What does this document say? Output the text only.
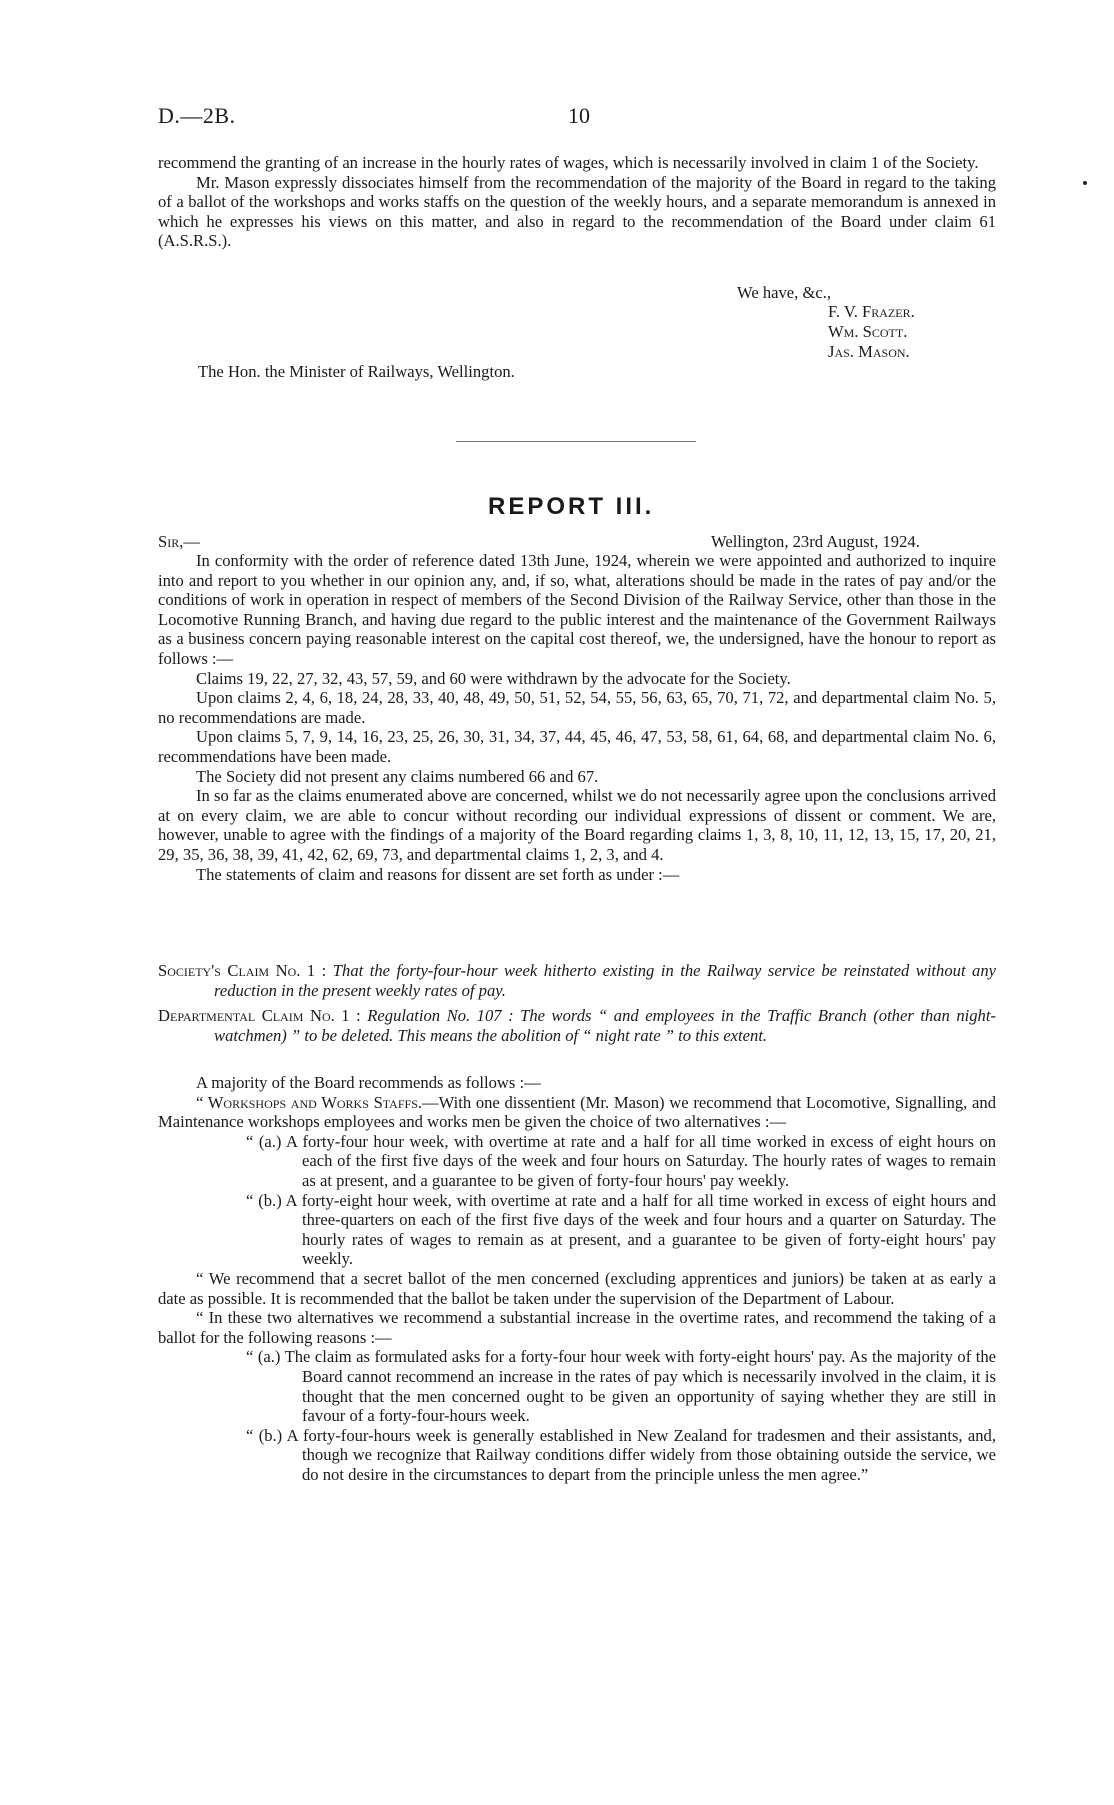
D.—2B.	10

recommend the granting of an increase in the hourly rates of wages, which is necessarily involved in claim 1 of the Society.

Mr. Mason expressly dissociates himself from the recommendation of the majority of the Board in regard to the taking of a ballot of the workshops and works staffs on the question of the weekly hours, and a separate memorandum is annexed in which he expresses his views on this matter, and also in regard to the recommendation of the Board under claim 61 (A.S.R.S.).

We have, &c.,
F. V. Frazer.
Wm. Scott.
Jas. Mason.
The Hon. the Minister of Railways, Wellington.
REPORT III.
Sir,—	Wellington, 23rd August, 1924.

In conformity with the order of reference dated 13th June, 1924, wherein we were appointed and authorized to inquire into and report to you whether in our opinion any, and, if so, what, alterations should be made in the rates of pay and/or the conditions of work in operation in respect of members of the Second Division of the Railway Service, other than those in the Locomotive Running Branch, and having due regard to the public interest and the maintenance of the Government Railways as a business concern paying reasonable interest on the capital cost thereof, we, the undersigned, have the honour to report as follows :—

Claims 19, 22, 27, 32, 43, 57, 59, and 60 were withdrawn by the advocate for the Society.

Upon claims 2, 4, 6, 18, 24, 28, 33, 40, 48, 49, 50, 51, 52, 54, 55, 56, 63, 65, 70, 71, 72, and departmental claim No. 5, no recommendations are made.

Upon claims 5, 7, 9, 14, 16, 23, 25, 26, 30, 31, 34, 37, 44, 45, 46, 47, 53, 58, 61, 64, 68, and departmental claim No. 6, recommendations have been made.

The Society did not present any claims numbered 66 and 67.

In so far as the claims enumerated above are concerned, whilst we do not necessarily agree upon the conclusions arrived at on every claim, we are able to concur without recording our individual expressions of dissent or comment. We are, however, unable to agree with the findings of a majority of the Board regarding claims 1, 3, 8, 10, 11, 12, 13, 15, 17, 20, 21, 29, 35, 36, 38, 39, 41, 42, 62, 69, 73, and departmental claims 1, 2, 3, and 4.

The statements of claim and reasons for dissent are set forth as under :—

Society's Claim No. 1 : That the forty-four-hour week hitherto existing in the Railway service be reinstated without any reduction in the present weekly rates of pay.

Departmental Claim No. 1 : Regulation No. 107 : The words “ and employees in the Traffic Branch (other than night-watchmen) ” to be deleted. This means the abolition of “ night rate ” to this extent.

A majority of the Board recommends as follows :—

“ Workshops and Works Staffs.—With one dissentient (Mr. Mason) we recommend that Locomotive, Signalling, and Maintenance workshops employees and works men be given the choice of two alternatives :—

“ (a.) A forty-four hour week, with overtime at rate and a half for all time worked in excess of eight hours on each of the first five days of the week and four hours on Saturday. The hourly rates of wages to remain as at present, and a guarantee to be given of forty-four hours' pay weekly.

“ (b.) A forty-eight hour week, with overtime at rate and a half for all time worked in excess of eight hours and three-quarters on each of the first five days of the week and four hours and a quarter on Saturday. The hourly rates of wages to remain as at present, and a guarantee to be given of forty-eight hours' pay weekly.

“ We recommend that a secret ballot of the men concerned (excluding apprentices and juniors) be taken at as early a date as possible. It is recommended that the ballot be taken under the supervision of the Department of Labour.

“ In these two alternatives we recommend a substantial increase in the overtime rates, and recommend the taking of a ballot for the following reasons :—

“ (a.) The claim as formulated asks for a forty-four hour week with forty-eight hours' pay. As the majority of the Board cannot recommend an increase in the rates of pay which is necessarily involved in the claim, it is thought that the men concerned ought to be given an opportunity of saying whether they are still in favour of a forty-four-hours week.

“ (b.) A forty-four-hours week is generally established in New Zealand for tradesmen and their assistants, and, though we recognize that Railway conditions differ widely from those obtaining outside the service, we do not desire in the circumstances to depart from the principle unless the men agree.”
